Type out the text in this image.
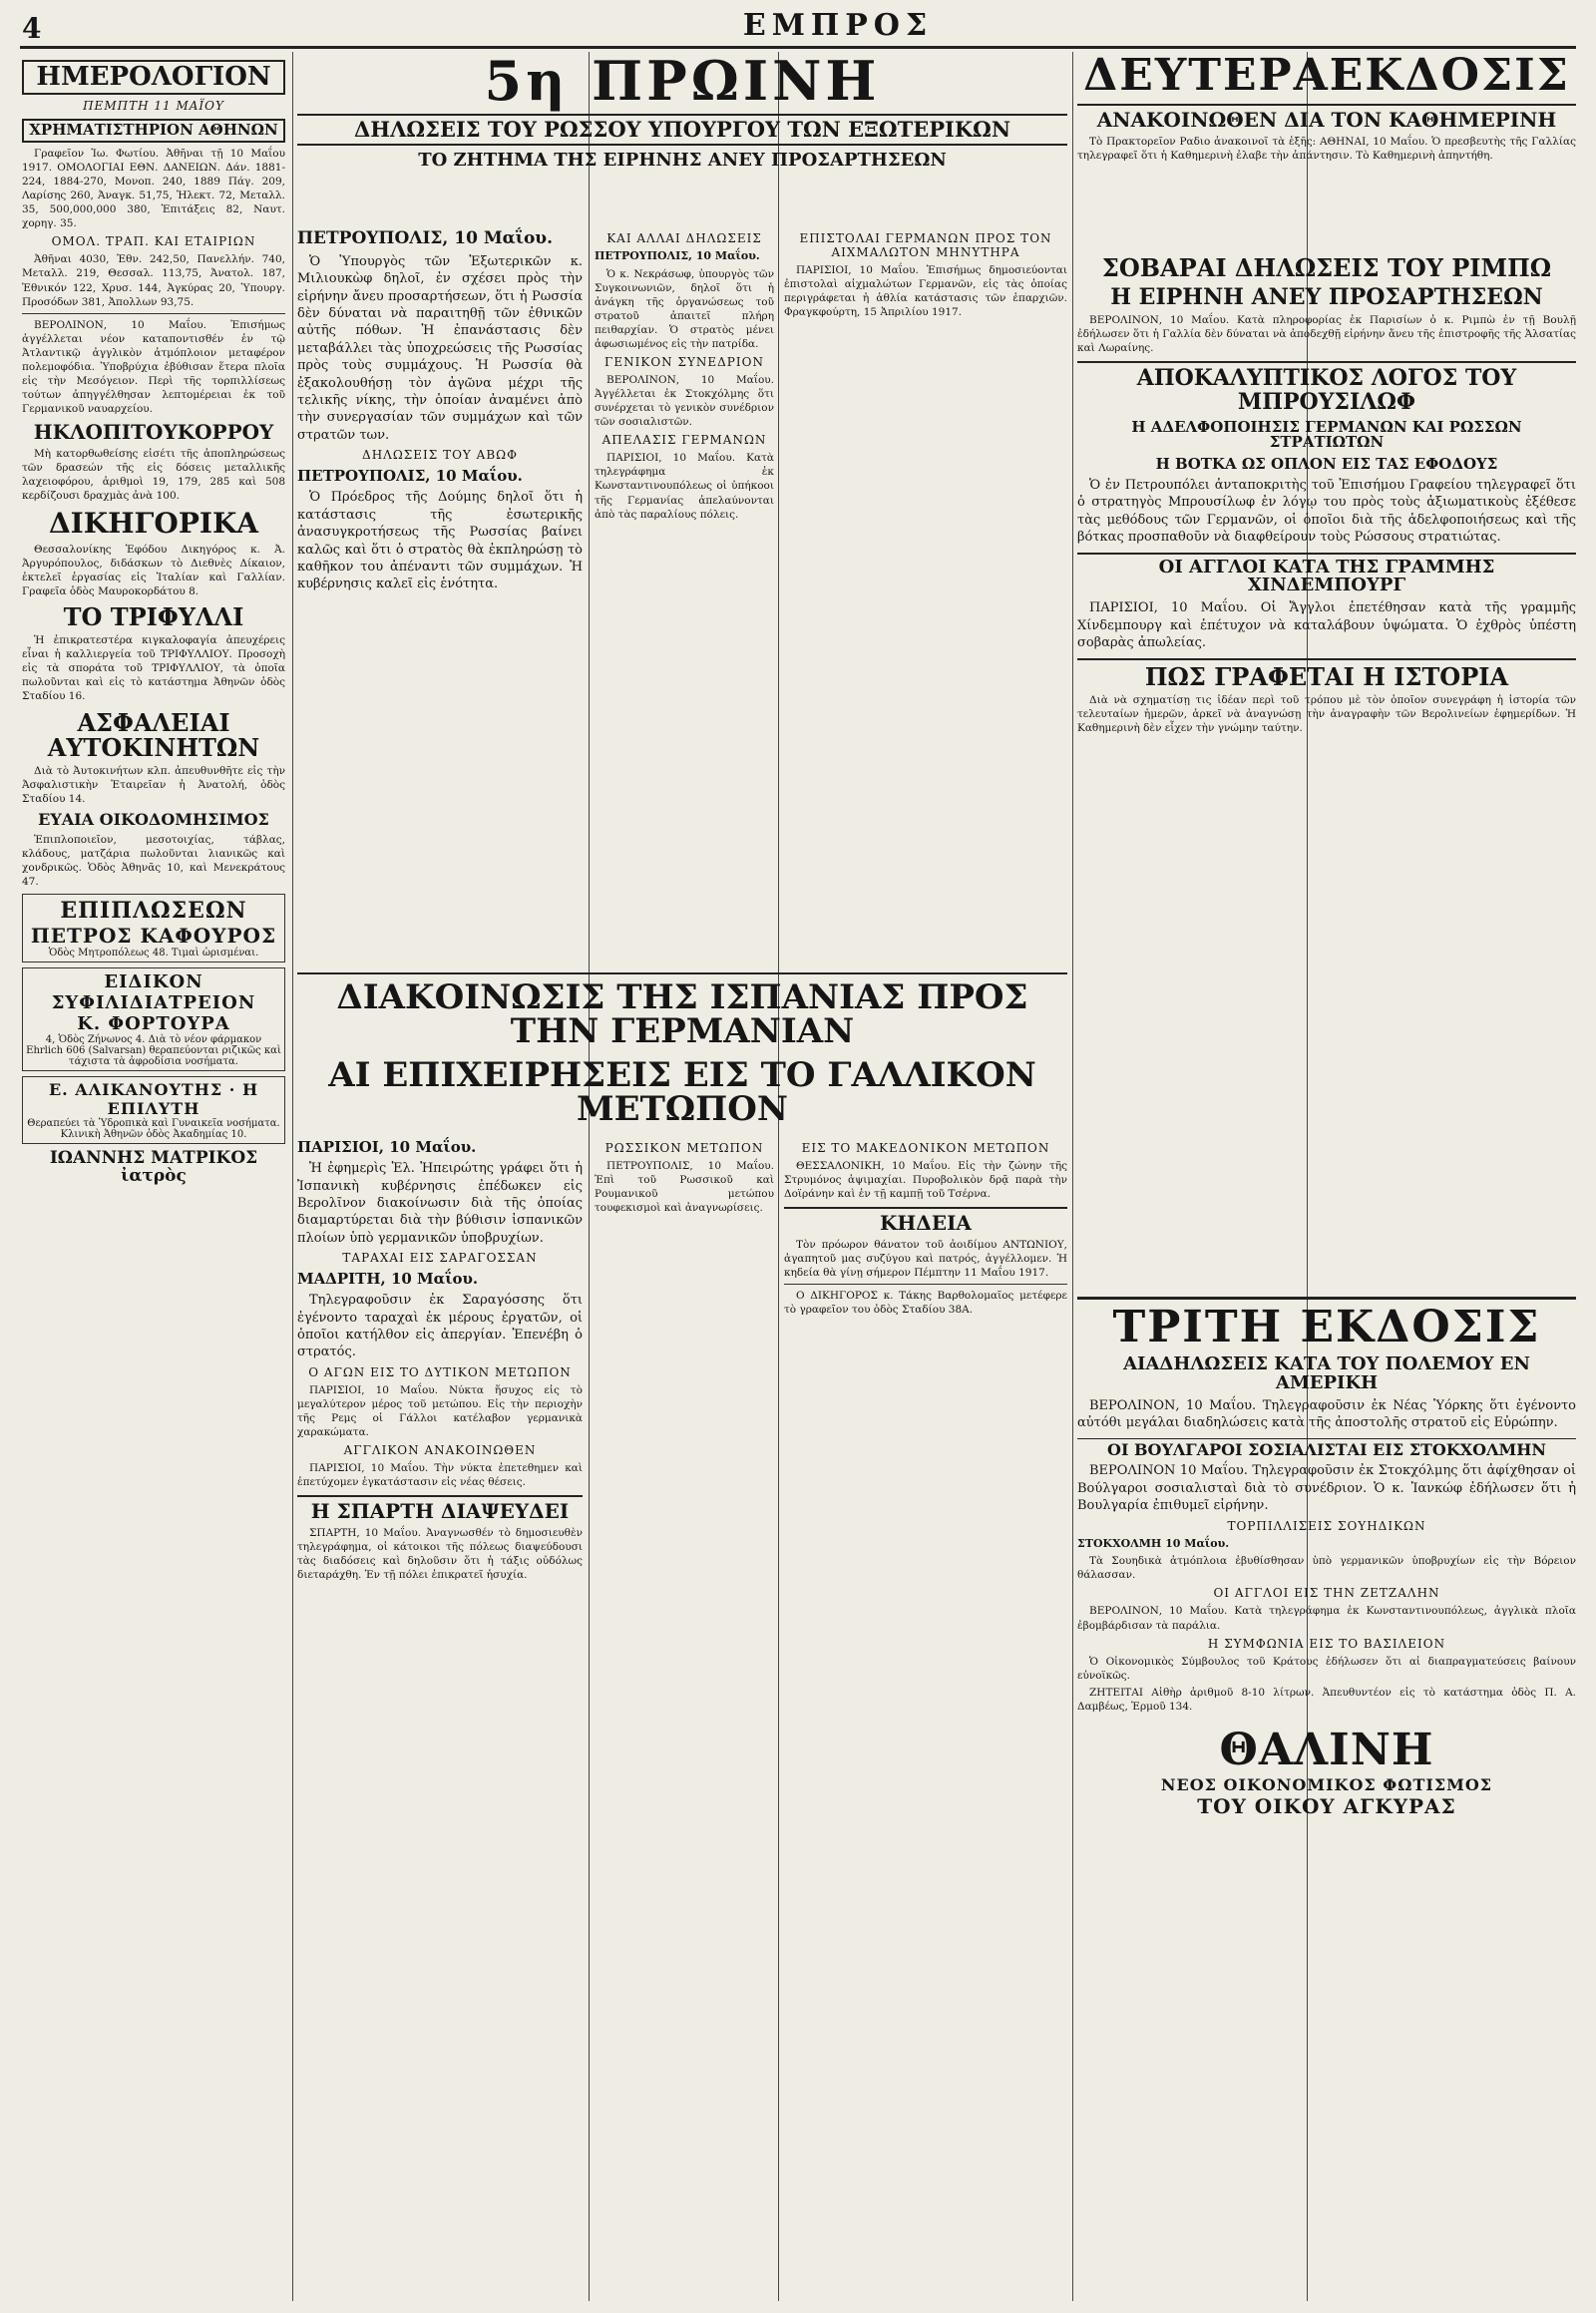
4	ΕΜΠΡΟΣ
ΗΜΕΡΟΛΟΓΙΟΝ
ΠΕΜΠΤΗ 11 ΜΑΪΟΥ
ΧΡΗΜΑΤΙΣΤΗΡΙΟΝ ΑΘΗΝΩΝ

Γραφεῖον Ἰω. Φωτίου. Ἀθῆναι τῇ 10 Μαΐου 1917. ΟΜΟΛΟΓΙΑΙ ΕΘΝ. ΔΑΝΕΙΩΝ. Δάν. 1881-224, 1884-270, Μονοπ. 240, 1889 Πάγ. 209, Λαρίσης 260, Ἀναγκ. 51,75, Ἠλεκτ. 72, Μεταλλ. 35, 500,000,000 380, Ἐπιτάξεις 82, Ναυτ. χορηγ. 35.

ΟΜΟΛ. ΤΡΑΠ. ΚΑΙ ΕΤΑΙΡΙΩΝ

Ἀθῆναι 4030, Ἐθν. 242,50, Πανελλήν. 740, Μεταλλ. 219, Θεσσαλ. 113,75, Ἀνατολ. 187, Ἐθνικόν 122, Χρυσ. 144, Ἀγκύρας 20, Ὑπουργ. Προσόδων 381, Ἀπολλων 93,75.

ΒΕΡΟΛΙΝΟΝ, 10 Μαΐου. Ἐπισήμως ἀγγέλλεται νέον καταποντισθέν ἐν τῷ Ἀτλαντικῷ ἀγγλικὸν ἀτμόπλοιον μεταφέρον πολεμοφόδια. Ὑποβρύχια ἐβύθισαν ἕτερα πλοῖα εἰς τὴν Μεσόγειον. Περὶ τῆς τορπιλλίσεως τούτων ἀπηγγέλθησαν λεπτομέρειαι ἐκ τοῦ Γερμανικοῦ ναυαρχείου.

ΗΚΛΟΠΙΤΟΥΚΟΡΡΟΥ

Μὴ κατορθωθείσης εἰσέτι τῆς ἀποπληρώσεως τῶν δρασεών τῆς εἰς δόσεις μεταλλικῆς λαχειοφόρου, ἀριθμοὶ 19, 179, 285 καὶ 508 κερδίζουσι δραχμὰς ἀνὰ 100.

ΔΙΚΗΓΟΡΙΚΑ

Θεσσαλονίκης Ἐφόδου Δικηγόρος κ. Ἀ. Ἀργυρόπουλος, διδάσκων τὸ Διεθνὲς Δίκαιον, ἐκτελεῖ ἐργασίας εἰς Ἰταλίαν καὶ Γαλλίαν. Γραφεῖα ὁδὸς Μαυροκορδάτου 8.

ΤΟ ΤΡΙΦΥΛΛΙ

Ἡ ἐπικρατεστέρα κιγκαλοφαγία ἀπευχέρεις εἶναι ἡ καλλιεργεία τοῦ ΤΡΙΦΥΛΛΙΟΥ. Προσοχὴ εἰς τὰ σποράτα τοῦ ΤΡΙΦΥΛΛΙΟΥ, τὰ ὁποῖα πωλοῦνται καὶ εἰς τὸ κατάστημα Ἀθηνῶν ὁδὸς Σταδίου 16.

ΑΣΦΑΛΕΙΑΙ ΑΥΤΟΚΙΝΗΤΩΝ

Διὰ τὸ Ἀυτοκινήτων κλπ. ἀπευθυνθῆτε εἰς τὴν Ἀσφαλιστικὴν Ἑταιρεῖαν ἡ Ἀνατολή, ὁδὸς Σταδίου 14.

ΕΥΑΙΑ ΟΙΚΟΔΟΜΗΣΙΜΟΣ

Ἐπιπλοποιεῖον, μεσοτοιχίας, τάβλας, κλάδους, ματζάρια πωλοῦνται λιανικῶς καὶ χονδρικῶς. Ὁδὸς Ἀθηνᾶς 10, καὶ Μενεκράτους 47.

ΕΠΙΠΛΩΣΕΩΝ
ΠΕΤΡΟΣ ΚΑΦΟΥΡΟΣ
Ὁδὸς Μητροπόλεως 48. Τιμαὶ ὡρισμέναι.
ΕΙΔΙΚΟΝ ΣΥΦΙΛΙΔΙΑΤΡΕΙΟΝ
Κ. ΦΟΡΤΟΥΡΑ
4, Ὁδὸς Ζήνωνος 4. Διὰ τὸ νέον φάρμακον Ehrlich 606 (Salvarsan) θεραπεύονται ριζικῶς καὶ τάχιστα τὰ ἀφροδίσια νοσήματα.
Ε. ΑΛΙΚΑΝΟΥΤΗΣ · Η ΕΠΙΛΥΤΗ
Θεραπεύει τὰ Ὑδροπικὰ καὶ Γυναικεῖα νοσήματα. Κλινικὴ Ἀθηνῶν ὁδὸς Ἀκαδημίας 10.
ΙΩΑΝΝΗΣ ΜΑΤΡΙΚΟΣ ἰατρὸς
5η ΠΡΩΙΝΗ
ΔΗΛΩΣΕΙΣ ΤΟΥ ΡΩΣΣΟΥ ΥΠΟΥΡΓΟΥ ΤΩΝ ΕΞΩΤΕΡΙΚΩΝ
ΤΟ ΖΗΤΗΜΑ ΤΗΣ ΕΙΡΗΝΗΣ ΑΝΕΥ ΠΡΟΣΑΡΤΗΣΕΩΝ

ΠΕΤΡΟΥΠΟΛΙΣ, 10 Μαΐου.

Ὁ Ὑπουργὸς τῶν Ἐξωτερικῶν κ. Μιλιουκὼφ δηλοῖ, ἐν σχέσει πρὸς τὴν εἰρήνην ἄνευ προσαρτήσεων, ὅτι ἡ Ρωσσία δὲν δύναται νὰ παραιτηθῇ τῶν ἐθνικῶν αὐτῆς πόθων. Ἡ ἐπανάστασις δὲν μεταβάλλει τὰς ὑποχρεώσεις τῆς Ρωσσίας πρὸς τοὺς συμμάχους. Ἡ Ρωσσία θὰ ἐξακολουθήσῃ τὸν ἀγῶνα μέχρι τῆς τελικῆς νίκης, τὴν ὁποίαν ἀναμένει ἀπὸ τὴν συνεργασίαν τῶν συμμάχων καὶ τῶν στρατῶν των.

ΔΗΛΩΣΕΙΣ ΤΟΥ ΑΒΩΦ

ΠΕΤΡΟΥΠΟΛΙΣ, 10 Μαΐου.

Ὁ Πρόεδρος τῆς Δούμης δηλοῖ ὅτι ἡ κατάστασις τῆς ἐσωτερικῆς ἀνασυγκροτήσεως τῆς Ρωσσίας βαίνει καλῶς καὶ ὅτι ὁ στρατὸς θὰ ἐκπληρώσῃ τὸ καθῆκον του ἀπέναντι τῶν συμμάχων. Ἡ κυβέρνησις καλεῖ εἰς ἑνότητα.

ΚΑΙ ΑΛΛΑΙ ΔΗΛΩΣΕΙΣ

ΠΕΤΡΟΥΠΟΛΙΣ, 10 Μαΐου.

Ὁ κ. Νεκράσωφ, ὑπουργὸς τῶν Συγκοινωνιῶν, δηλοῖ ὅτι ἡ ἀνάγκη τῆς ὀργανώσεως τοῦ στρατοῦ ἀπαιτεῖ πλήρη πειθαρχίαν. Ὁ στρατὸς μένει ἀφωσιωμένος εἰς τὴν πατρίδα.

ΓΕΝΙΚΟΝ ΣΥΝΕΔΡΙΟΝ

ΒΕΡΟΛΙΝΟΝ, 10 Μαΐου. Ἀγγέλλεται ἐκ Στοκχόλμης ὅτι συνέρχεται τὸ γενικὸν συνέδριον τῶν σοσιαλιστῶν.

ΑΠΕΛΑΣΙΣ ΓΕΡΜΑΝΩΝ

ΠΑΡΙΣΙΟΙ, 10 Μαΐου. Κατὰ τηλεγράφημα ἐκ Κωνσταντινουπόλεως οἱ ὑπήκοοι τῆς Γερμανίας ἀπελαύνονται ἀπὸ τὰς παραλίους πόλεις.

ΕΠΙΣΤΟΛΑΙ ΓΕΡΜΑΝΩΝ ΠΡΟΣ ΤΟΝ ΑΙΧΜΑΛΩΤΟΝ ΜΗΝΥΤΗΡΑ

ΠΑΡΙΣΙΟΙ, 10 Μαΐου. Ἐπισήμως δημοσιεύονται ἐπιστολαὶ αἰχμαλώτων Γερμανῶν, εἰς τὰς ὁποίας περιγράφεται ἡ ἀθλία κατάστασις τῶν ἐπαρχιῶν. Φραγκφούρτη, 15 Ἀπριλίου 1917.

ΔΙΑΚΟΙΝΩΣΙΣ ΤΗΣ ΙΣΠΑΝΙΑΣ ΠΡΟΣ ΤΗΝ ΓΕΡΜΑΝΙΑΝ
ΑΙ ΕΠΙΧΕΙΡΗΣΕΙΣ ΕΙΣ ΤΟ ΓΑΛΛΙΚΟΝ ΜΕΤΩΠΟΝ

ΠΑΡΙΣΙΟΙ, 10 Μαΐου.

Ἡ ἐφημερὶς Ἑλ. Ἠπειρώτης γράφει ὅτι ἡ Ἰσπανικὴ κυβέρνησις ἐπέδωκεν εἰς Βερολῖνον διακοίνωσιν διὰ τῆς ὁποίας διαμαρτύρεται διὰ τὴν βύθισιν ἰσπανικῶν πλοίων ὑπὸ γερμανικῶν ὑποβρυχίων.

ΤΑΡΑΧΑΙ ΕΙΣ ΣΑΡΑΓΟΣΣΑΝ

ΜΑΔΡΙΤΗ, 10 Μαΐου.

Τηλεγραφοῦσιν ἐκ Σαραγόσσης ὅτι ἐγένοντο ταραχαὶ ἐκ μέρους ἐργατῶν, οἱ ὁποῖοι κατήλθον εἰς ἀπεργίαν. Ἐπενέβη ὁ στρατός.

Ο ΑΓΩΝ ΕΙΣ ΤΟ ΔΥΤΙΚΟΝ ΜΕΤΩΠΟΝ

ΠΑΡΙΣΙΟΙ, 10 Μαΐου. Νύκτα ἥσυχος εἰς τὸ μεγαλύτερον μέρος τοῦ μετώπου. Εἰς τὴν περιοχὴν τῆς Ρεμς οἱ Γάλλοι κατέλαβον γερμανικὰ χαρακώματα.

ΑΓΓΛΙΚΟΝ ΑΝΑΚΟΙΝΩΘΕΝ

ΠΑΡΙΣΙΟΙ, 10 Μαΐου. Τὴν νύκτα ἐπετεθημεν καὶ ἐπετύχομεν ἐγκατάστασιν εἰς νέας θέσεις.

Η ΣΠΑΡΤΗ ΔΙΑΨΕΥΔΕΙ

ΣΠΑΡΤΗ, 10 Μαΐου. Ἀναγνωσθέν τὸ δημοσιευθὲν τηλεγράφημα, οἱ κάτοικοι τῆς πόλεως διαψεύδουσι τὰς διαδόσεις καὶ δηλοῦσιν ὅτι ἡ τάξις οὐδόλως διεταράχθη. Ἐν τῇ πόλει ἐπικρατεῖ ἡσυχία.

ΡΩΣΣΙΚΟΝ ΜΕΤΩΠΟΝ

ΠΕΤΡΟΥΠΟΛΙΣ, 10 Μαΐου. Ἐπὶ τοῦ Ρωσσικοῦ καὶ Ρουμανικοῦ μετώπου τουφεκισμοὶ καὶ ἀναγνωρίσεις.

ΕΙΣ ΤΟ ΜΑΚΕΔΟΝΙΚΟΝ ΜΕΤΩΠΟΝ

ΘΕΣΣΑΛΟΝΙΚΗ, 10 Μαΐου. Εἰς τὴν ζώνην τῆς Στρυμόνος ἀψιμαχίαι. Πυροβολικὸν δρᾷ παρὰ τὴν Δοϊράνην καὶ ἐν τῇ καμπῇ τοῦ Τσέρνα.

ΚΗΔΕΙΑ

Τὸν πρόωρον θάνατον τοῦ ἀοιδίμου ΑΝΤΩΝΙΟΥ, ἀγαπητοῦ μας συζύγου καὶ πατρός, ἀγγέλλομεν. Ἡ κηδεία θὰ γίνῃ σήμερον Πέμπτην 11 Μαΐου 1917.

Ο ΔΙΚΗΓΟΡΟΣ κ. Τάκης Βαρθολομαῖος μετέφερε τὸ γραφεῖον του ὁδὸς Σταδίου 38Α.

ΔΕΥΤΕΡΑΕΚΔΟΣΙΣ
ΑΝΑΚΟΙΝΩΘΕΝ ΔΙΑ ΤΟΝ ΚΑΘΗΜΕΡΙΝΗ

Τὸ Πρακτορεῖον Ραδιο ἀνακοινοῖ τὰ ἑξῆς: ΑΘΗΝΑΙ, 10 Μαΐου. Ὁ πρεσβευτὴς τῆς Γαλλίας τηλεγραφεῖ ὅτι ἡ Καθημερινὴ ἐλαβε τὴν ἀπάντησιν. Τὸ Καθημερινὴ ἀπηντήθη.

ΣΟΒΑΡΑΙ ΔΗΛΩΣΕΙΣ ΤΟΥ ΡΙΜΠΩ
Η ΕΙΡΗΝΗ ΑΝΕΥ ΠΡΟΣΑΡΤΗΣΕΩΝ

ΒΕΡΟΛΙΝΟΝ, 10 Μαΐου. Κατὰ πληροφορίας ἐκ Παρισίων ὁ κ. Ριμπὼ ἐν τῇ Βουλῇ ἐδήλωσεν ὅτι ἡ Γαλλία δὲν δύναται νὰ ἀποδεχθῇ εἰρήνην ἄνευ τῆς ἐπιστροφῆς τῆς Ἀλσατίας καὶ Λωραίνης.

ΑΠΟΚΑΛΥΠΤΙΚΟΣ ΛΟΓΟΣ ΤΟΥ ΜΠΡΟΥΣΙΛΩΦ
Η ΑΔΕΛΦΟΠΟΙΗΣΙΣ ΓΕΡΜΑΝΩΝ ΚΑΙ ΡΩΣΣΩΝ ΣΤΡΑΤΙΩΤΩΝ
Η ΒΟΤΚΑ ΩΣ ΟΠΛΟΝ ΕΙΣ ΤΑΣ ΕΦΟΔΟΥΣ

Ὁ ἐν Πετρουπόλει ἀνταποκριτὴς τοῦ Ἐπισήμου Γραφείου τηλεγραφεῖ ὅτι ὁ στρατηγὸς Μπρουσίλωφ ἐν λόγῳ του πρὸς τοὺς ἀξιωματικοὺς ἐξέθεσε τὰς μεθόδους τῶν Γερμανῶν, οἱ ὁποῖοι διὰ τῆς ἀδελφοποιήσεως καὶ τῆς βότκας προσπαθοῦν νὰ διαφθείρουν τοὺς Ρώσσους στρατιώτας.

ΟΙ ΑΓΓΛΟΙ ΚΑΤΑ ΤΗΣ ΓΡΑΜΜΗΣ ΧΙΝΔΕΜΠΟΥΡΓ

ΠΑΡΙΣΙΟΙ, 10 Μαΐου. Οἱ Ἄγγλοι ἐπετέθησαν κατὰ τῆς γραμμῆς Χίνδεμπουργ καὶ ἐπέτυχον νὰ καταλάβουν ὑψώματα. Ὁ ἐχθρὸς ὑπέστη σοβαρὰς ἀπωλείας.

ΠΩΣ ΓΡΑΦΕΤΑΙ Η ΙΣΤΟΡΙΑ

Διὰ νὰ σχηματίσῃ τις ἰδέαν περὶ τοῦ τρόπου μὲ τὸν ὁποῖον συνεγράφη ἡ ἱστορία τῶν τελευταίων ἡμερῶν, ἀρκεῖ νὰ ἀναγνώσῃ τὴν ἀναγραφὴν τῶν Βερολινείων ἐφημερίδων. Ἡ Καθημερινὴ δὲν εἶχεν τὴν γνώμην ταύτην.

ΤΡΙΤΗ ΕΚΔΟΣΙΣ
ΑΙΑΔΗΛΩΣΕΙΣ ΚΑΤΑ ΤΟΥ ΠΟΛΕΜΟΥ ΕΝ ΑΜΕΡΙΚΗ

ΒΕΡΟΛΙΝΟΝ, 10 Μαΐου. Τηλεγραφοῦσιν ἐκ Νέας Ὑόρκης ὅτι ἐγένοντο αὐτόθι μεγάλαι διαδηλώσεις κατὰ τῆς ἀποστολῆς στρατοῦ εἰς Εὐρώπην.

ΟΙ ΒΟΥΛΓΑΡΟΙ ΣΟΣΙΑΛΙΣΤΑΙ ΕΙΣ ΣΤΟΚΧΟΛΜΗΝ

ΒΕΡΟΛΙΝΟΝ 10 Μαΐου. Τηλεγραφοῦσιν ἐκ Στοκχόλμης ὅτι ἀφίχθησαν οἱ Βούλγαροι σοσιαλισταὶ διὰ τὸ συνέδριον. Ὁ κ. Ἰανκώφ ἐδήλωσεν ὅτι ἡ Βουλγαρία ἐπιθυμεῖ εἰρήνην.

ΤΟΡΠΙΛΛΙΣΕΙΣ ΣΟΥΗΔΙΚΩΝ

ΣΤΟΚΧΟΛΜΗ 10 Μαΐου.

Τὰ Σουηδικὰ ἀτμόπλοια ἐβυθίσθησαν ὑπὸ γερμανικῶν ὑποβρυχίων εἰς τὴν Βόρειον θάλασσαν.

ΟΙ ΑΓΓΛΟΙ ΕΙΣ ΤΗΝ ΖΕΤΖΑΛΗΝ

ΒΕΡΟΛΙΝΟΝ, 10 Μαΐου. Κατὰ τηλεγράφημα ἐκ Κωνσταντινουπόλεως, ἀγγλικὰ πλοῖα ἐβομβάρδισαν τὰ παράλια.

Η ΣΥΜΦΩΝΙΑ ΕΙΣ ΤΟ ΒΑΣΙΛΕΙΟΝ

Ὁ Οἰκονομικὸς Σύμβουλος τοῦ Κράτους ἐδήλωσεν ὅτι αἱ διαπραγματεύσεις βαίνουν εὐνοϊκῶς.

ΖΗΤΕΙΤΑΙ Αἰθὴρ ἀριθμοῦ 8-10 λίτρων. Ἀπευθυντέον εἰς τὸ κατάστημα ὁδὸς Π. Α. Δαμβέως, Ἑρμοῦ 134.

ΘΑΛΙΝΗ
ΝΕΟΣ ΟΙΚΟΝΟΜΙΚΟΣ ΦΩΤΙΣΜΟΣ
ΤΟΥ ΟΙΚΟΥ ΑΓΚΥΡΑΣ
